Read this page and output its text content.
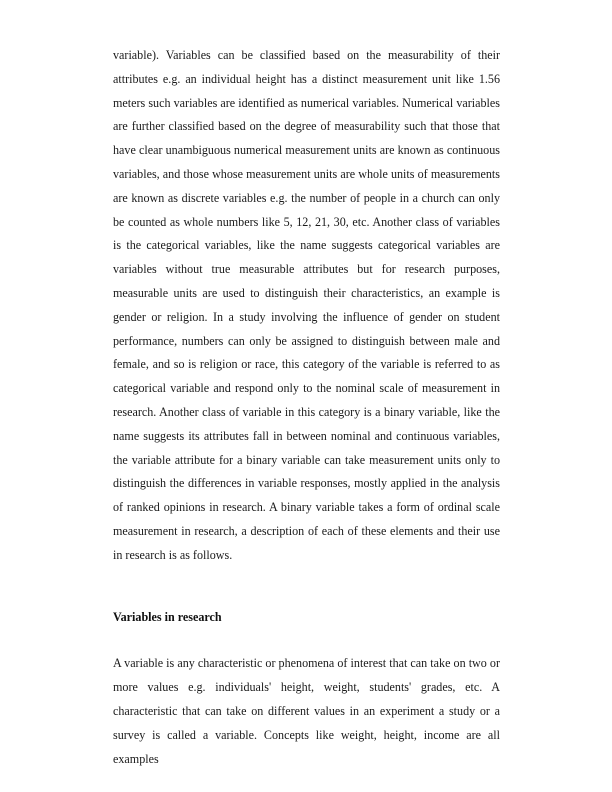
variable). Variables can be classified based on the measurability of their attributes e.g. an individual height has a distinct measurement unit like 1.56 meters such variables are identified as numerical variables. Numerical variables are further classified based on the degree of measurability such that those that have clear unambiguous numerical measurement units are known as continuous variables, and those whose measurement units are whole units of measurements are known as discrete variables e.g. the number of people in a church can only be counted as whole numbers like 5, 12, 21, 30, etc. Another class of variables is the categorical variables, like the name suggests categorical variables are variables without true measurable attributes but for research purposes, measurable units are used to distinguish their characteristics, an example is gender or religion. In a study involving the influence of gender on student performance, numbers can only be assigned to distinguish between male and female, and so is religion or race, this category of the variable is referred to as categorical variable and respond only to the nominal scale of measurement in research. Another class of variable in this category is a binary variable, like the name suggests its attributes fall in between nominal and continuous variables, the variable attribute for a binary variable can take measurement units only to distinguish the differences in variable responses, mostly applied in the analysis of ranked opinions in research. A binary variable takes a form of ordinal scale measurement in research, a description of each of these elements and their use in research is as follows.

Variables in research

A variable is any characteristic or phenomena of interest that can take on two or more values e.g. individuals' height, weight, students' grades, etc. A characteristic that can take on different values in an experiment a study or a survey is called a variable. Concepts like weight, height, income are all examples
